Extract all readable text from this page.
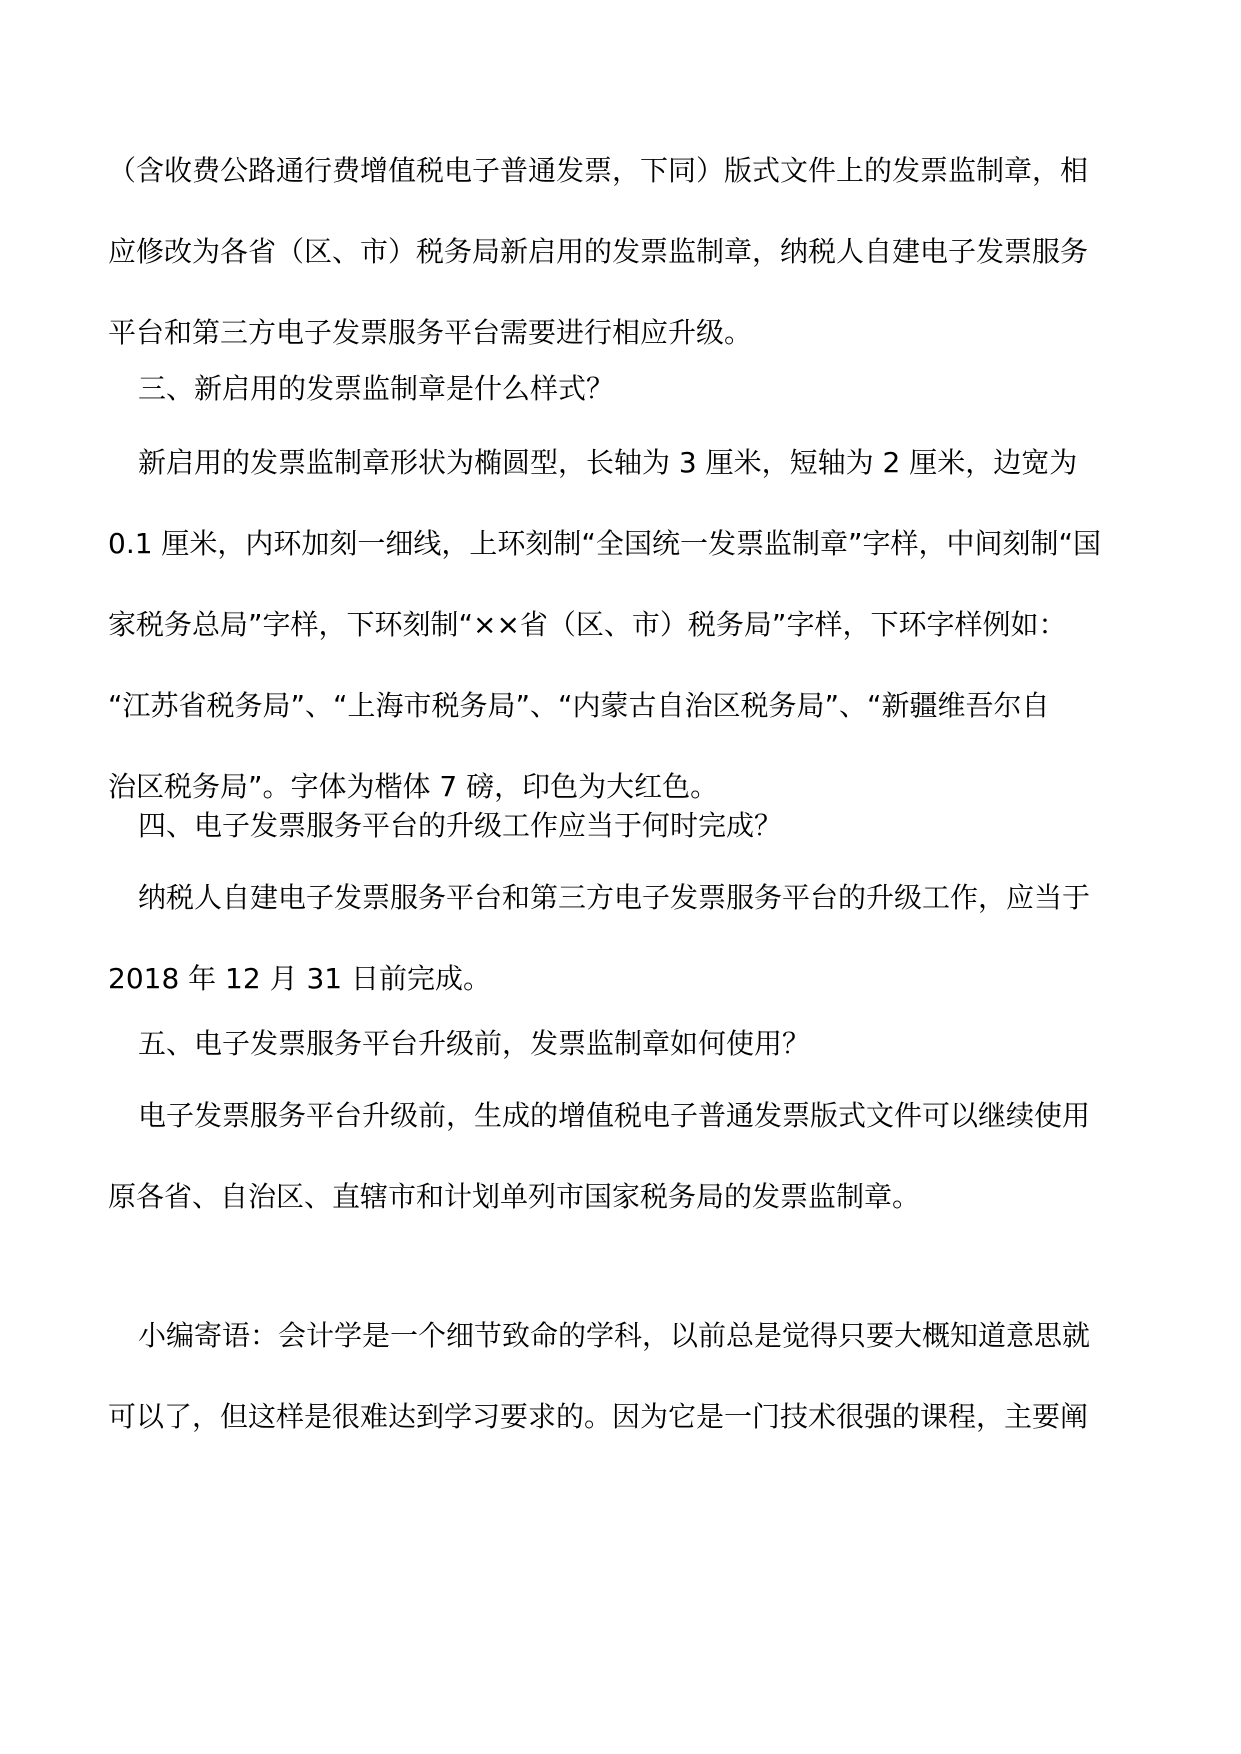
（含收费公路通行费增值税电子普通发票，下同）版式文件上的发票监制章，相
应修改为各省（区、市）税务局新启用的发票监制章，纳税人自建电子发票服务
平台和第三方电子发票服务平台需要进行相应升级。
三、新启用的发票监制章是什么样式？
新启用的发票监制章形状为椭圆型，长轴为 3 厘米，短轴为 2 厘米，边宽为
0.1 厘米，内环加刻一细线，上环刻制“全国统一发票监制章”字样，中间刻制“国
家税务总局”字样，下环刻制“××省（区、市）税务局”字样，下环字样例如：
“江苏省税务局”、“上海市税务局”、“内蒙古自治区税务局”、“新疆维吾尔自
治区税务局”。字体为楷体 7 磅，印色为大红色。
四、电子发票服务平台的升级工作应当于何时完成？
纳税人自建电子发票服务平台和第三方电子发票服务平台的升级工作，应当于
2018 年 12 月 31 日前完成。
五、电子发票服务平台升级前，发票监制章如何使用？
电子发票服务平台升级前，生成的增值税电子普通发票版式文件可以继续使用
原各省、自治区、直辖市和计划单列市国家税务局的发票监制章。
小编寄语：会计学是一个细节致命的学科，以前总是觉得只要大概知道意思就
可以了，但这样是很难达到学习要求的。因为它是一门技术很强的课程，主要阐
